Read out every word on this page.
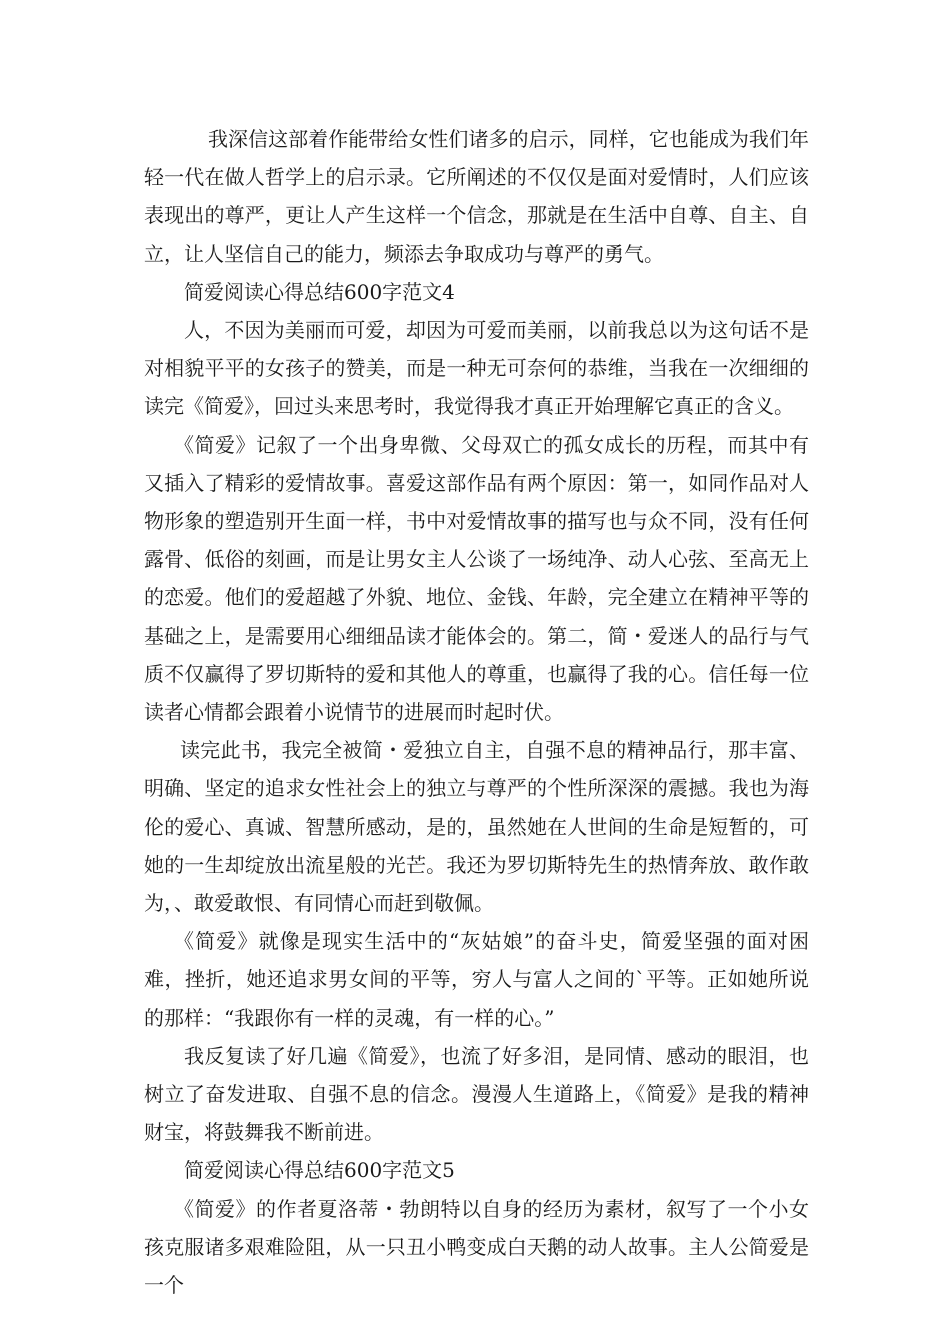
我深信这部着作能带给女性们诸多的启示，同样，它也能成为我们年轻一代在做人哲学上的启示录。它所阐述的不仅仅是面对爱情时，人们应该表现出的尊严，更让人产生这样一个信念，那就是在生活中自尊、自主、自立，让人坚信自己的能力，频添去争取成功与尊严的勇气。

简爱阅读心得总结600字范文4

人，不因为美丽而可爱，却因为可爱而美丽，以前我总以为这句话不是对相貌平平的女孩子的赞美，而是一种无可奈何的恭维，当我在一次细细的读完《简爱》，回过头来思考时，我觉得我才真正开始理解它真正的含义。

《简爱》记叙了一个出身卑微、父母双亡的孤女成长的历程，而其中有又插入了精彩的爱情故事。喜爱这部作品有两个原因：第一，如同作品对人物形象的塑造别开生面一样，书中对爱情故事的描写也与众不同，没有任何露骨、低俗的刻画，而是让男女主人公谈了一场纯净、动人心弦、至高无上的恋爱。他们的爱超越了外貌、地位、金钱、年龄，完全建立在精神平等的基础之上，是需要用心细细品读才能体会的。第二，简・爱迷人的品行与气质不仅赢得了罗切斯特的爱和其他人的尊重，也赢得了我的心。信任每一位读者心情都会跟着小说情节的进展而时起时伏。

读完此书，我完全被简・爱独立自主，自强不息的精神品行，那丰富、明确、坚定的追求女性社会上的独立与尊严的个性所深深的震撼。我也为海伦的爱心、真诚、智慧所感动，是的，虽然她在人世间的生命是短暂的，可她的一生却绽放出流星般的光芒。我还为罗切斯特先生的热情奔放、敢作敢为，、敢爱敢恨、有同情心而赶到敬佩。

《简爱》就像是现实生活中的“灰姑娘”的奋斗史，简爱坚强的面对困难，挫折，她还追求男女间的平等，穷人与富人之间的`平等。正如她所说的那样：“我跟你有一样的灵魂，有一样的心。”

我反复读了好几遍《简爱》，也流了好多泪，是同情、感动的眼泪，也树立了奋发进取、自强不息的信念。漫漫人生道路上，《简爱》是我的精神财宝，将鼓舞我不断前进。

简爱阅读心得总结600字范文5

《简爱》的作者夏洛蒂・勃朗特以自身的经历为素材，叙写了一个小女孩克服诸多艰难险阻，从一只丑小鸭变成白天鹅的动人故事。主人公简爱是一个
